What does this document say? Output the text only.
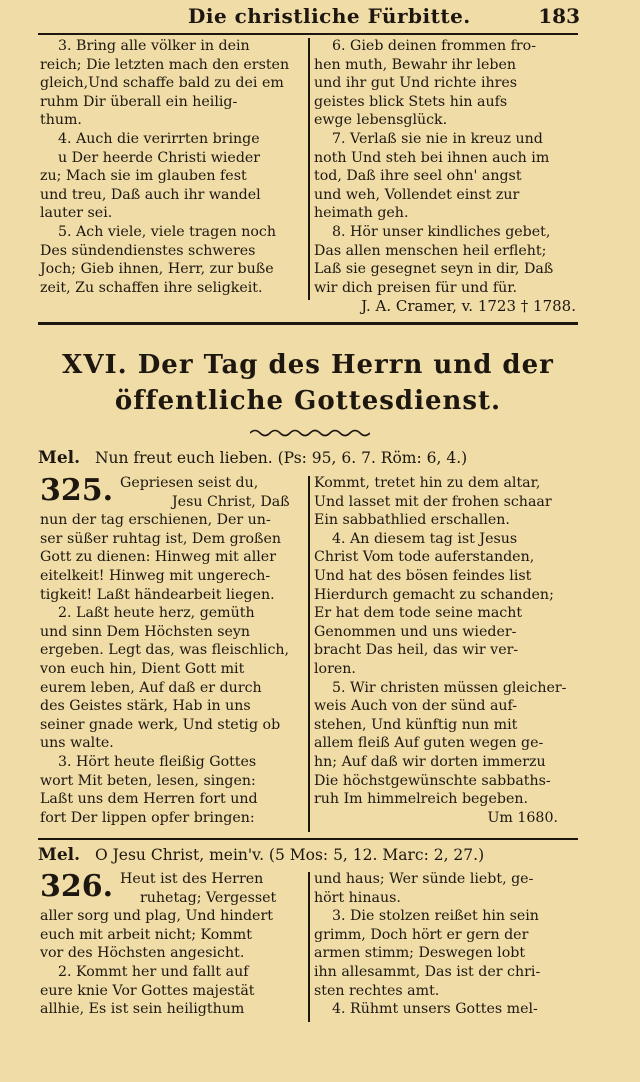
Die christliche Fürbitte.	183
3. Bring alle völker in dein
reich; Die letzten mach den ersten
gleich,Und schaffe bald zu dei em
ruhm Dir überall ein heilig-
thum.
4. Auch die verirrten bringe
u Der heerde Christi wieder
zu; Mach sie im glauben fest
und treu, Daß auch ihr wandel
lauter sei.
5. Ach viele, viele tragen noch
Des sündendienstes schweres
Joch; Gieb ihnen, Herr, zur buße
zeit, Zu schaffen ihre seligkeit.
6. Gieb deinen frommen fro-
hen muth, Bewahr ihr leben
und ihr gut Und richte ihres
geistes blick Stets hin aufs
ewge lebensglück.
7. Verlaß sie nie in kreuz und
noth Und steh bei ihnen auch im
tod, Daß ihre seel ohn' angst
und weh, Vollendet einst zur
heimath geh.
8. Hör unser kindliches gebet,
Das allen menschen heil erfleht;
Laß sie gesegnet seyn in dir, Daß
wir dich preisen für und für.
J. A. Cramer, v. 1723 † 1788.
XVI. Der Tag des Herrn und der
öffentliche Gottesdienst.
Mel. Nun freut euch lieben. (Ps: 95, 6. 7. Röm: 6, 4.)
325. Gepriesen seist du,
Jesu Christ, Daß
nun der tag erschienen, Der un-
ser süßer ruhtag ist, Dem großen
Gott zu dienen: Hinweg mit aller
eitelkeit! Hinweg mit ungerech-
tigkeit! Laßt händearbeit liegen.
2. Laßt heute herz, gemüth
und sinn Dem Höchsten seyn
ergeben. Legt das, was fleischlich,
von euch hin, Dient Gott mit
eurem leben, Auf daß er durch
des Geistes stärk, Hab in uns
seiner gnade werk, Und stetig ob
uns walte.
3. Hört heute fleißig Gottes
wort Mit beten, lesen, singen:
Laßt uns dem Herren fort und
fort Der lippen opfer bringen:
Kommt, tretet hin zu dem altar,
Und lasset mit der frohen schaar
Ein sabbathlied erschallen.
4. An diesem tag ist Jesus
Christ Vom tode auferstanden,
Und hat des bösen feindes list
Hierdurch gemacht zu schanden;
Er hat dem tode seine macht
Genommen und uns wieder-
bracht Das heil, das wir ver-
loren.
5. Wir christen müssen gleicher-
weis Auch von der sünd auf-
stehen, Und künftig nun mit
allem fleiß Auf guten wegen ge-
hn; Auf daß wir dorten immerzu
Die höchstgewünschte sabbaths-
ruh Im himmelreich begeben.
Um 1680.
Mel. O Jesu Christ, mein'v. (5 Mos: 5, 12. Marc: 2, 27.)
326. Heut ist des Herren
ruhetag; Vergesset
aller sorg und plag, Und hindert
euch mit arbeit nicht; Kommt
vor des Höchsten angesicht.
2. Kommt her und fallt auf
eure knie Vor Gottes majestät
allhie, Es ist sein heiligthum
und haus; Wer sünde liebt, ge-
hört hinaus.
3. Die stolzen reißet hin sein
grimm, Doch hört er gern der
armen stimm; Deswegen lobt
ihn allesammt, Das ist der chri-
sten rechtes amt.
4. Rühmt unsers Gottes mel-
